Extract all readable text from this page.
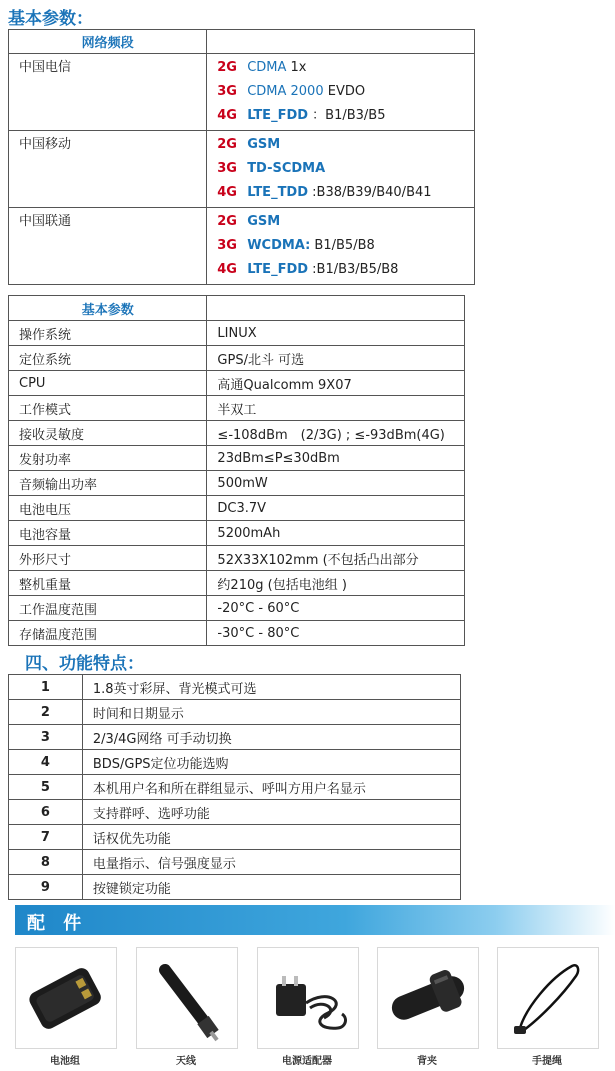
基本参数：
网络频段	
中国电信	2G CDMA 1x
3G CDMA 2000 EVDO
4G LTE_FDD ：B1/B3/B5

中国移动	2G GSM
3G TD-SCDMA
4G LTE_TDD :B38/B39/B40/B41

中国联通	2G GSM
3G WCDMA: B1/B5/B8
4G LTE_FDD :B1/B3/B5/B8
基本参数	
操作系统	LINUX
定位系统	GPS/北斗 可选
CPU	高通Qualcomm 9X07
工作模式	半双工
接收灵敏度	≤-108dBm　(2/3G) ; ≤-93dBm(4G)
发射功率	23dBm≤P≤30dBm
音频输出功率	500mW
电池电压	DC3.7V
电池容量	5200mAh
外形尺寸	52X33X102mm (不包括凸出部分
整机重量	约210g (包括电池组 )
工作温度范围	-20°C - 60°C
存储温度范围	-30°C - 80°C
四、功能特点：
1	1.8英寸彩屏、背光模式可选
2	时间和日期显示
3	2/3/4G网络 可手动切换
4	BDS/GPS定位功能选购
5	本机用户名和所在群组显示、呼叫方用户名显示
6	支持群呼、选呼功能
7	话权优先功能
8	电量指示、信号强度显示
9	按键锁定功能
配 件
电池组	天线	电源适配器	背夹	手提绳
